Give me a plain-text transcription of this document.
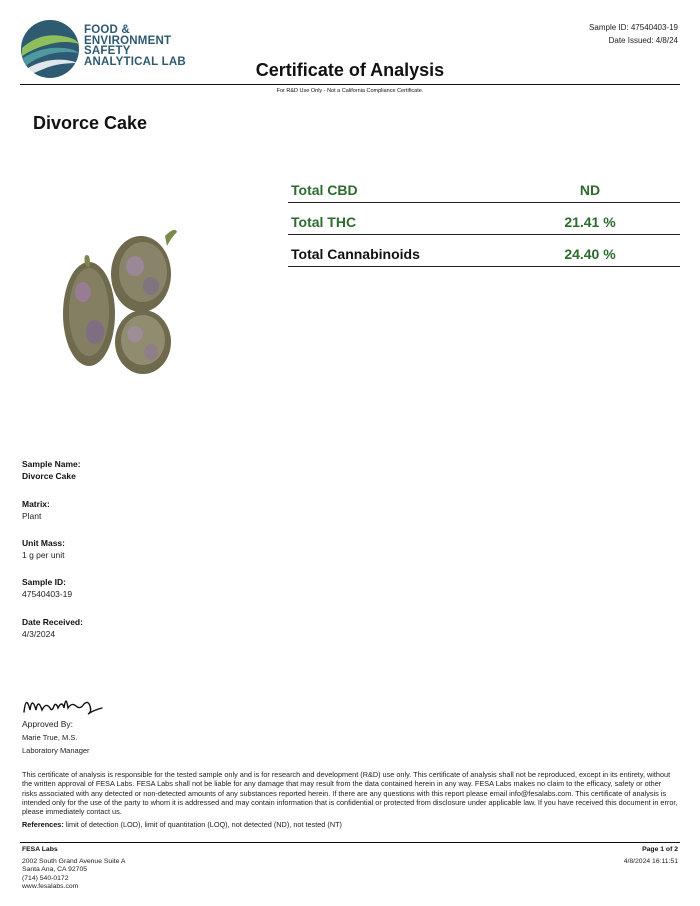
FOOD &
ENVIRONMENT
SAFETY
ANALYTICAL LAB
Sample ID: 47540403-19
Date Issued: 4/8/24
Certificate of Analysis
For R&D Use Only - Not a California Compliance Certificate.
Divorce Cake
Total CBD	ND
Total THC	21.41 %
Total Cannabinoids	24.40 %
Sample Name:
Divorce Cake
Matrix:
Plant
Unit Mass:
1 g per unit
Sample ID:
47540403-19
Date Received:
4/3/2024
Approved By:
Marie True, M.S.
Laboratory Manager
This certificate of analysis is responsible for the tested sample only and is for research and development (R&D) use only. This certificate of analysis shall not be reproduced, except in its entirety, without the written approval of FESA Labs. FESA Labs shall not be liable for any damage that may result from the data contained herein in any way. FESA Labs makes no claim to the efficacy, safety or other risks associated with any detected or non-detected amounts of any substances reported herein. If there are any questions with this report please email info@fesalabs.com. This certificate of analysis is intended only for the use of the party to whom it is addressed and may contain information that is confidential or protected from disclosure under applicable law. If you have received this document in error, please immediately contact us.
References: limit of detection (LOD), limit of quantitation (LOQ), not detected (ND), not tested (NT)
FESA Labs
2002 South Grand Avenue Suite A
Santa Ana, CA 92705
(714) 540-0172
www.fesalabs.com
Page 1 of 2
4/8/2024 16:11:51
